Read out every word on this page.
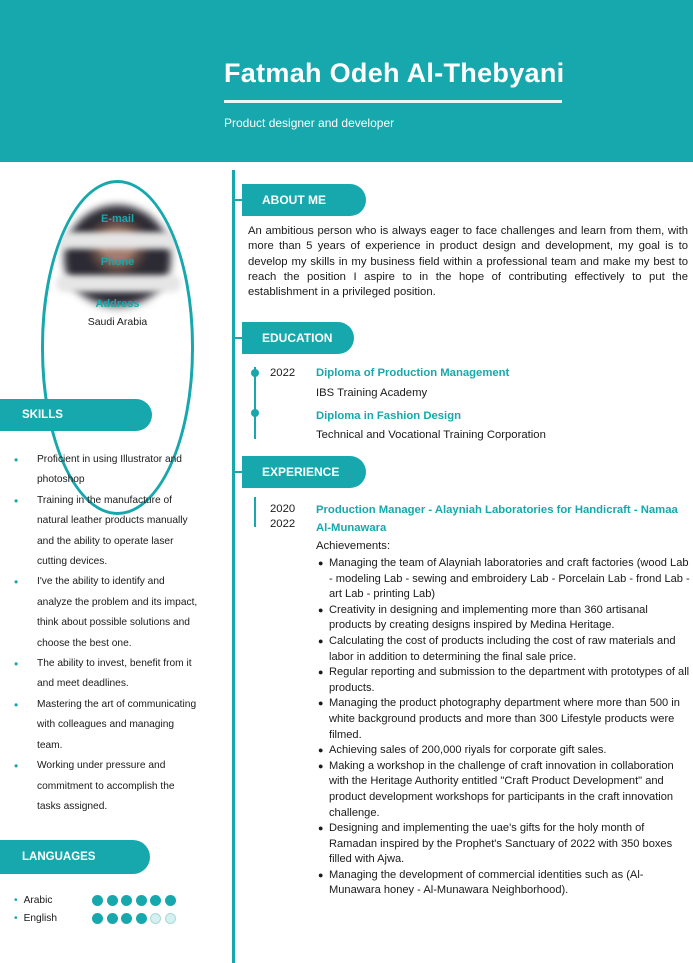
Fatmah Odeh Al-Thebyani
Product designer and developer
E-mail
Phone
Address
Saudi Arabia
SKILLS
• Proficient in using Illustrator and
photoshop
• Training in the manufacture of
natural leather products manually
and the ability to operate laser
cutting devices.
• I've the ability to identify and
analyze the problem and its impact,
think about possible solutions and
choose the best one.
• The ability to invest, benefit from it
and meet deadlines.
• Mastering the art of communicating
with colleagues and managing
team.
• Working under pressure and
commitment to accomplish the
tasks assigned.
LANGUAGES
• Arabic
• English
ABOUT ME
An ambitious person who is always eager to face challenges and learn from them, with more than 5 years of experience in product design and development, my goal is to develop my skills in my business field within a professional team and make my best to reach the position I aspire to in the hope of contributing effectively to put the establishment in a privileged position.
EDUCATION
2022 Diploma of Production Management
IBS Training Academy
Diploma in Fashion Design
Technical and Vocational Training Corporation
EXPERIENCE
2020
2022
Production Manager - Alayniah Laboratories for Handicraft - Namaa Al-Munawara
Achievements:
● Managing the team of Alayniah laboratories and craft factories (wood Lab - modeling Lab - sewing and embroidery Lab - Porcelain Lab - frond Lab - art Lab - printing Lab)
● Creativity in designing and implementing more than 360 artisanal products by creating designs inspired by Medina Heritage.
● Calculating the cost of products including the cost of raw materials and labor in addition to determining the final sale price.
● Regular reporting and submission to the department with prototypes of all products.
● Managing the product photography department where more than 500 in white background products and more than 300 Lifestyle products were filmed.
● Achieving sales of 200,000 riyals for corporate gift sales.
● Making a workshop in the challenge of craft innovation in collaboration with the Heritage Authority entitled "Craft Product Development" and product development workshops for participants in the craft innovation challenge.
● Designing and implementing the uae's gifts for the holy month of Ramadan inspired by the Prophet's Sanctuary of 2022 with 350 boxes filled with Ajwa.
● Managing the development of commercial identities such as (Al-Munawara honey - Al-Munawara Neighborhood).
